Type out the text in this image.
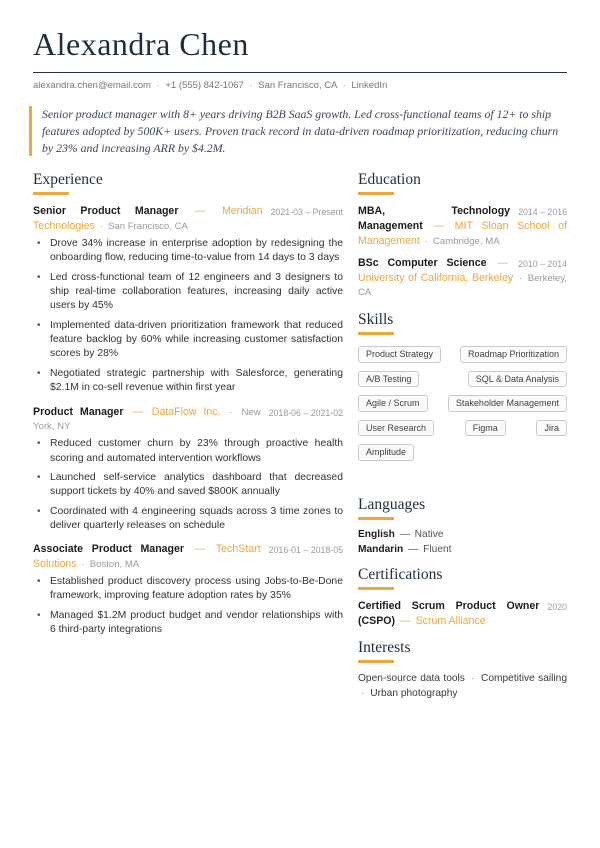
Alexandra Chen
alexandra.chen@email.com · +1 (555) 842-1067 · San Francisco, CA · LinkedIn
Senior product manager with 8+ years driving B2B SaaS growth. Led cross-functional teams of 12+ to ship features adopted by 500K+ users. Proven track record in data-driven roadmap prioritization, reducing churn by 23% and increasing ARR by $4.2M.
Experience

2021-03 – Present
Senior Product Manager — Meridian Technologies · San Francisco, CA

• Drove 34% increase in enterprise adoption by redesigning the onboarding flow, reducing time-to-value from 14 days to 3 days
• Led cross-functional team of 12 engineers and 3 designers to ship real-time collaboration features, increasing daily active users by 45%
• Implemented data-driven prioritization framework that reduced feature backlog by 60% while increasing customer satisfaction scores by 28%
• Negotiated strategic partnership with Salesforce, generating $2.1M in co-sell revenue within first year

2018-06 – 2021-02
Product Manager — DataFlow Inc. · New York, NY

• Reduced customer churn by 23% through proactive health scoring and automated intervention workflows
• Launched self-service analytics dashboard that decreased support tickets by 40% and saved $800K annually
• Coordinated with 4 engineering squads across 3 time zones to deliver quarterly releases on schedule

2016-01 – 2018-05
Associate Product Manager — TechStart Solutions · Boston, MA

• Established product discovery process using Jobs-to-Be-Done framework, improving feature adoption rates by 35%
• Managed $1.2M product budget and vendor relationships with 6 third-party integrations
Education

2014 – 2016
MBA, Technology Management — MIT Sloan School of Management · Cambridge, MA

2010 – 2014
BSc Computer Science — University of California, Berkeley · Berkeley, CA

Skills
Product Strategy	Roadmap Prioritization A/B Testing	SQL & Data Analysis Agile / Scrum	Stakeholder Management User Research	Figma	Jira Amplitude
Languages

English — Native

Mandarin — Fluent

Certifications

2020
Certified Scrum Product Owner (CSPO) — Scrum Alliance

Interests

Open-source data tools · Competitive sailing · Urban photography
